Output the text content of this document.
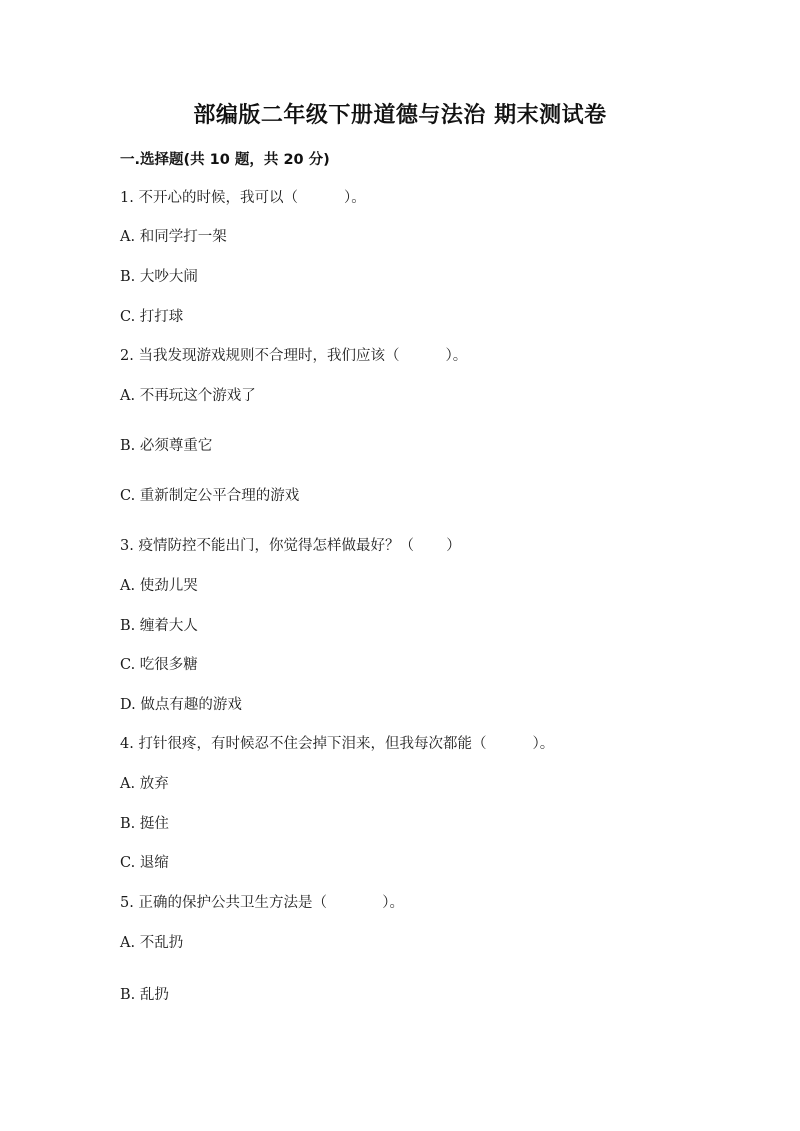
部编版二年级下册道德与法治 期末测试卷
一.选择题(共 10 题，共 20 分)
1. 不开心的时候，我可以（          ）。
A. 和同学打一架
B. 大吵大闹
C. 打打球
2. 当我发现游戏规则不合理时，我们应该（          ）。
A. 不再玩这个游戏了
B. 必须尊重它
C. 重新制定公平合理的游戏
3. 疫情防控不能出门，你觉得怎样做最好？（       ）
A. 使劲儿哭
B. 缠着大人
C. 吃很多糖
D. 做点有趣的游戏
4. 打针很疼，有时候忍不住会掉下泪来，但我每次都能（          ）。
A. 放弃
B. 挺住
C. 退缩
5. 正确的保护公共卫生方法是（            ）。
A. 不乱扔
B. 乱扔
